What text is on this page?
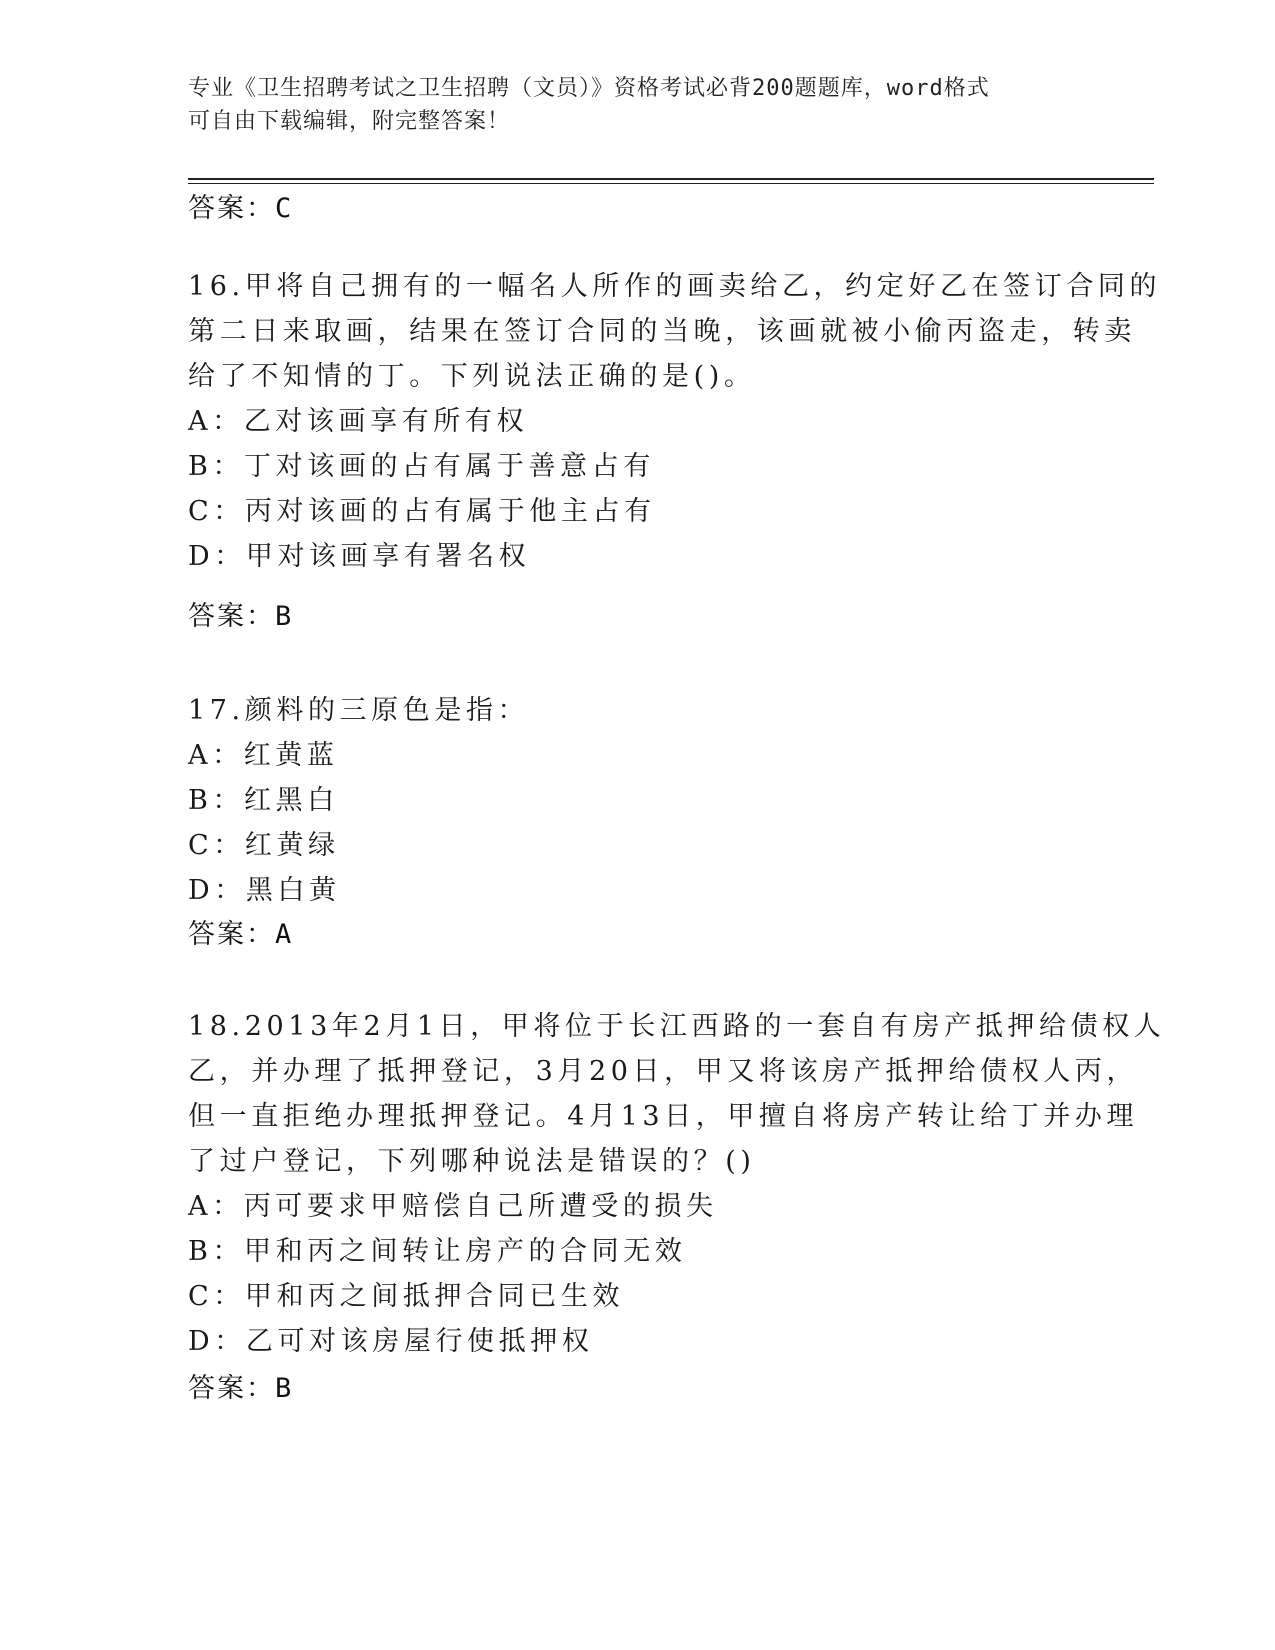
专业《卫生招聘考试之卫生招聘（文员）》资格考试必背200题题库，word格式
可自由下载编辑，附完整答案！
答案：C
16.甲将自己拥有的一幅名人所作的画卖给乙，约定好乙在签订合同的
第二日来取画，结果在签订合同的当晚，该画就被小偷丙盗走，转卖
给了不知情的丁。下列说法正确的是()。
A：乙对该画享有所有权
B：丁对该画的占有属于善意占有
C：丙对该画的占有属于他主占有
D：甲对该画享有署名权
答案：B
17.颜料的三原色是指：
A：红黄蓝
B：红黑白
C：红黄绿
D：黑白黄
答案：A
18.2013年2月1日，甲将位于长江西路的一套自有房产抵押给债权人
乙，并办理了抵押登记，3月20日，甲又将该房产抵押给债权人丙，
但一直拒绝办理抵押登记。4月13日，甲擅自将房产转让给丁并办理
了过户登记，下列哪种说法是错误的？()
A：丙可要求甲赔偿自己所遭受的损失
B：甲和丙之间转让房产的合同无效
C：甲和丙之间抵押合同已生效
D：乙可对该房屋行使抵押权
答案：B
